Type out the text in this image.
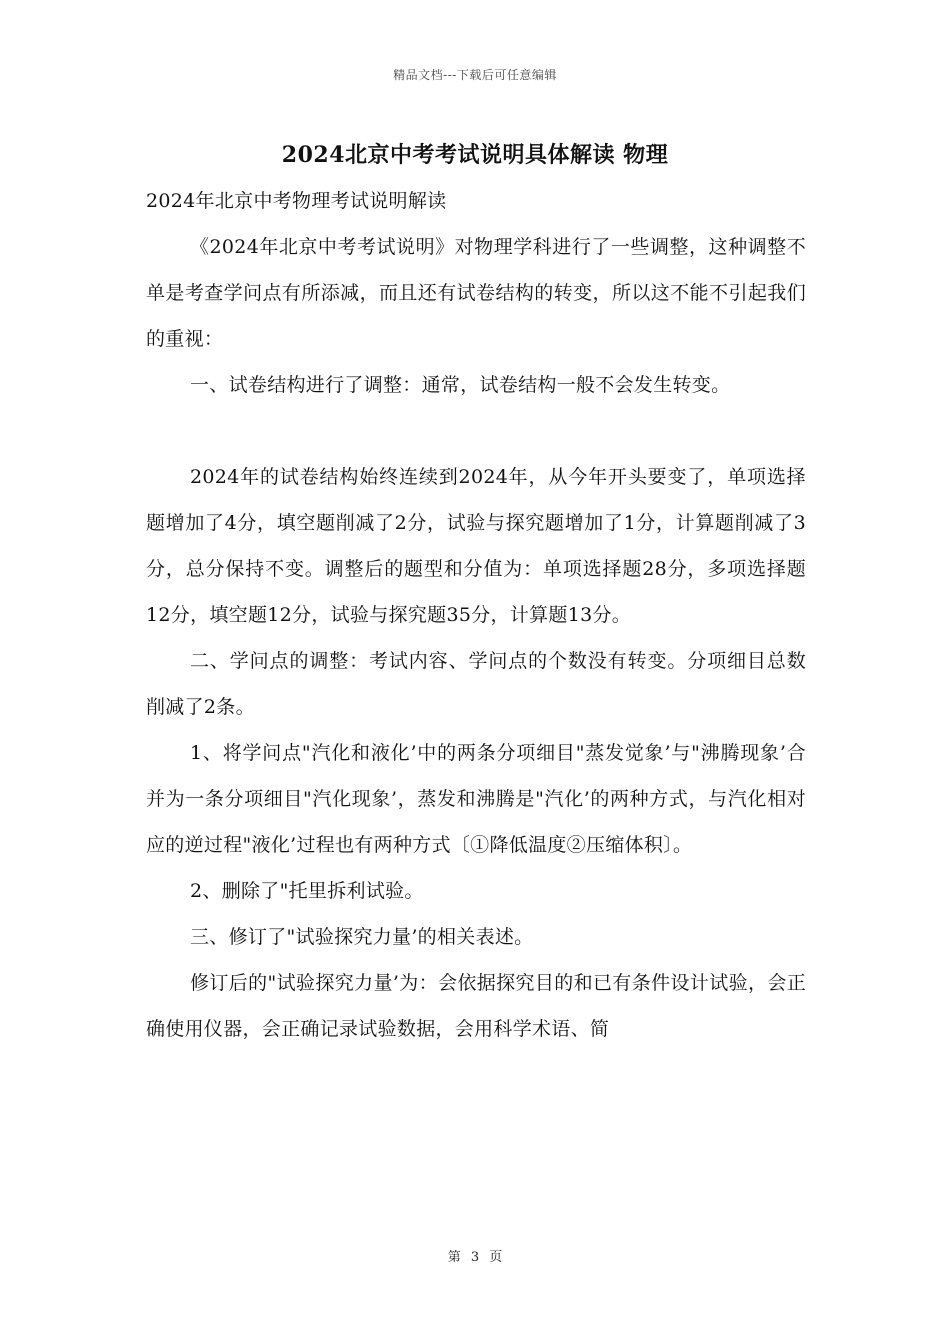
精品文档---下载后可任意编辑
2024北京中考考试说明具体解读 物理

2024年北京中考物理考试说明解读

《2024年北京中考考试说明》对物理学科进行了一些调整，这种调整不单是考查学问点有所添减，而且还有试卷结构的转变，所以这不能不引起我们的重视：

一、试卷结构进行了调整：通常，试卷结构一般不会发生转变。

2024年的试卷结构始终连续到2024年，从今年开头要变了，单项选择题增加了4分，填空题削减了2分，试验与探究题增加了1分，计算题削减了3分，总分保持不变。调整后的题型和分值为：单项选择题28分，多项选择题12分，填空题12分，试验与探究题35分，计算题13分。

二、学问点的调整：考试内容、学问点的个数没有转变。分项细目总数削减了2条。

1、将学问点"汽化和液化’中的两条分项细目"蒸发觉象’与"沸腾现象’合并为一条分项细目"汽化现象’，蒸发和沸腾是"汽化’的两种方式，与汽化相对应的逆过程"液化’过程也有两种方式〔①降低温度②压缩体积〕。

2、删除了"托里拆利试验。

三、修订了"试验探究力量’的相关表述。

修订后的"试验探究力量’为：会依据探究目的和已有条件设计试验，会正确使用仪器，会正确记录试验数据，会用科学术语、简

第 3 页
